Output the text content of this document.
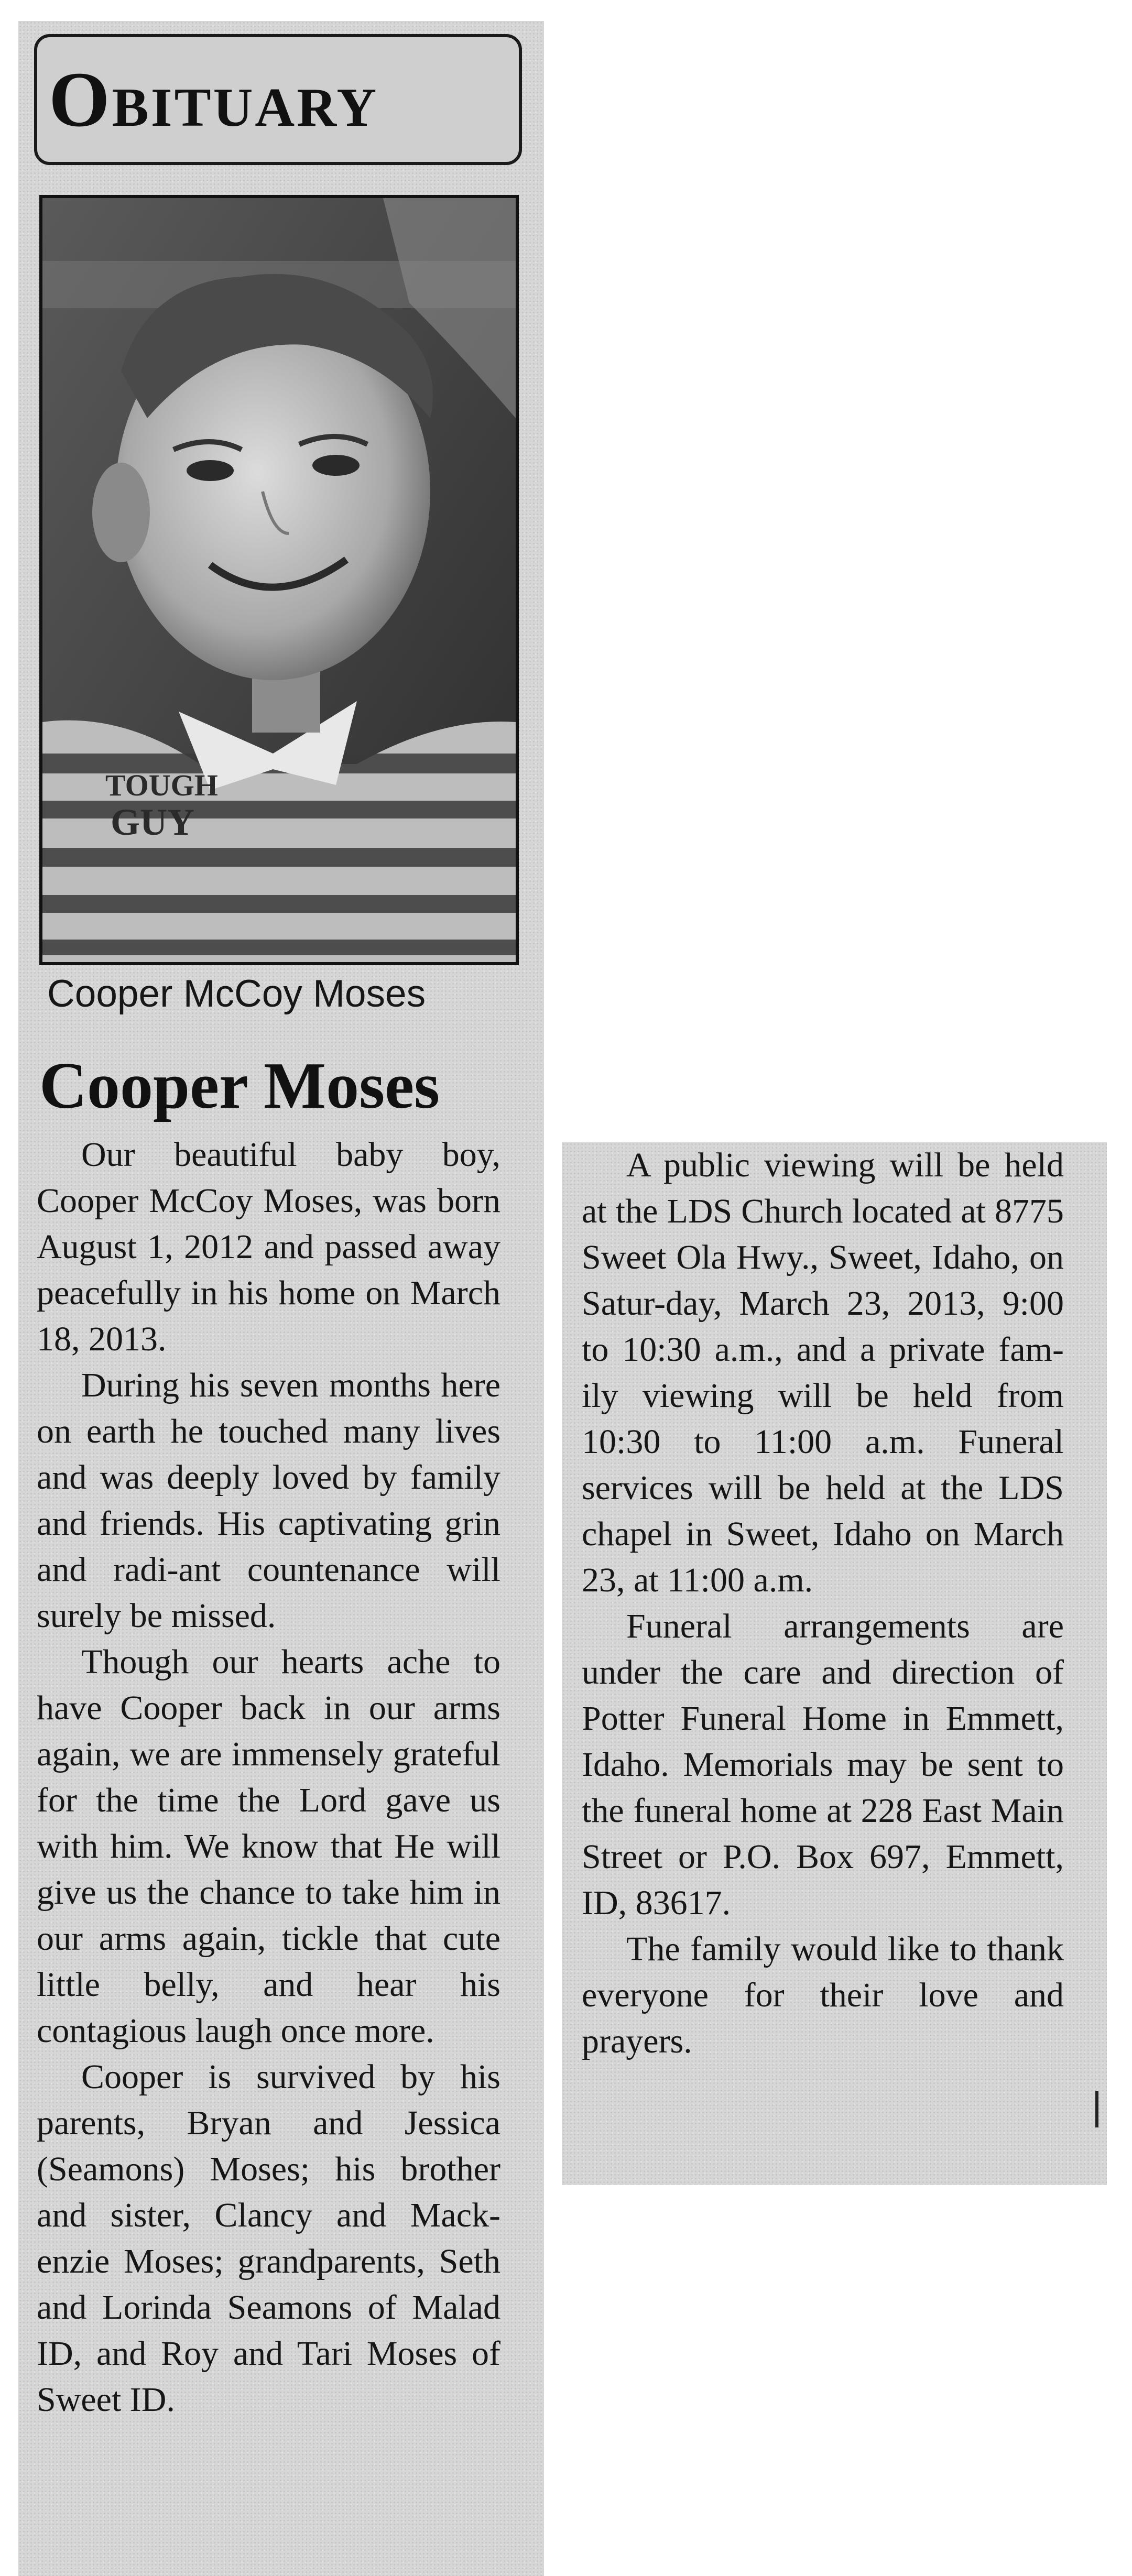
Obituary
TOUGH
GUY
Cooper McCoy Moses
Cooper Moses

Our beautiful baby boy, Cooper McCoy Moses, was born August 1, 2012 and passed away peacefully in his home on March 18, 2013.

During his seven months here on earth he touched many lives and was deeply loved by family and friends. His captivating grin and radi-ant countenance will surely be missed.

Though our hearts ache to have Cooper back in our arms again, we are immensely grateful for the time the Lord gave us with him. We know that He will give us the chance to take him in our arms again, tickle that cute little belly, and hear his contagious laugh once more.

Cooper is survived by his parents, Bryan and Jessica (Seamons) Moses; his brother and sister, Clancy and Mack-enzie Moses; grandparents, Seth and Lorinda Seamons of Malad ID, and Roy and Tari Moses of Sweet ID.

A public viewing will be held at the LDS Church located at 8775 Sweet Ola Hwy., Sweet, Idaho, on Satur-day, March 23, 2013, 9:00 to 10:30 a.m., and a private fam-ily viewing will be held from 10:30 to 11:00 a.m. Funeral services will be held at the LDS chapel in Sweet, Idaho on March 23, at 11:00 a.m.

Funeral arrangements are under the care and direction of Potter Funeral Home in Emmett, Idaho. Memorials may be sent to the funeral home at 228 East Main Street or P.O. Box 697, Emmett, ID, 83617.

The family would like to thank everyone for their love and prayers.
